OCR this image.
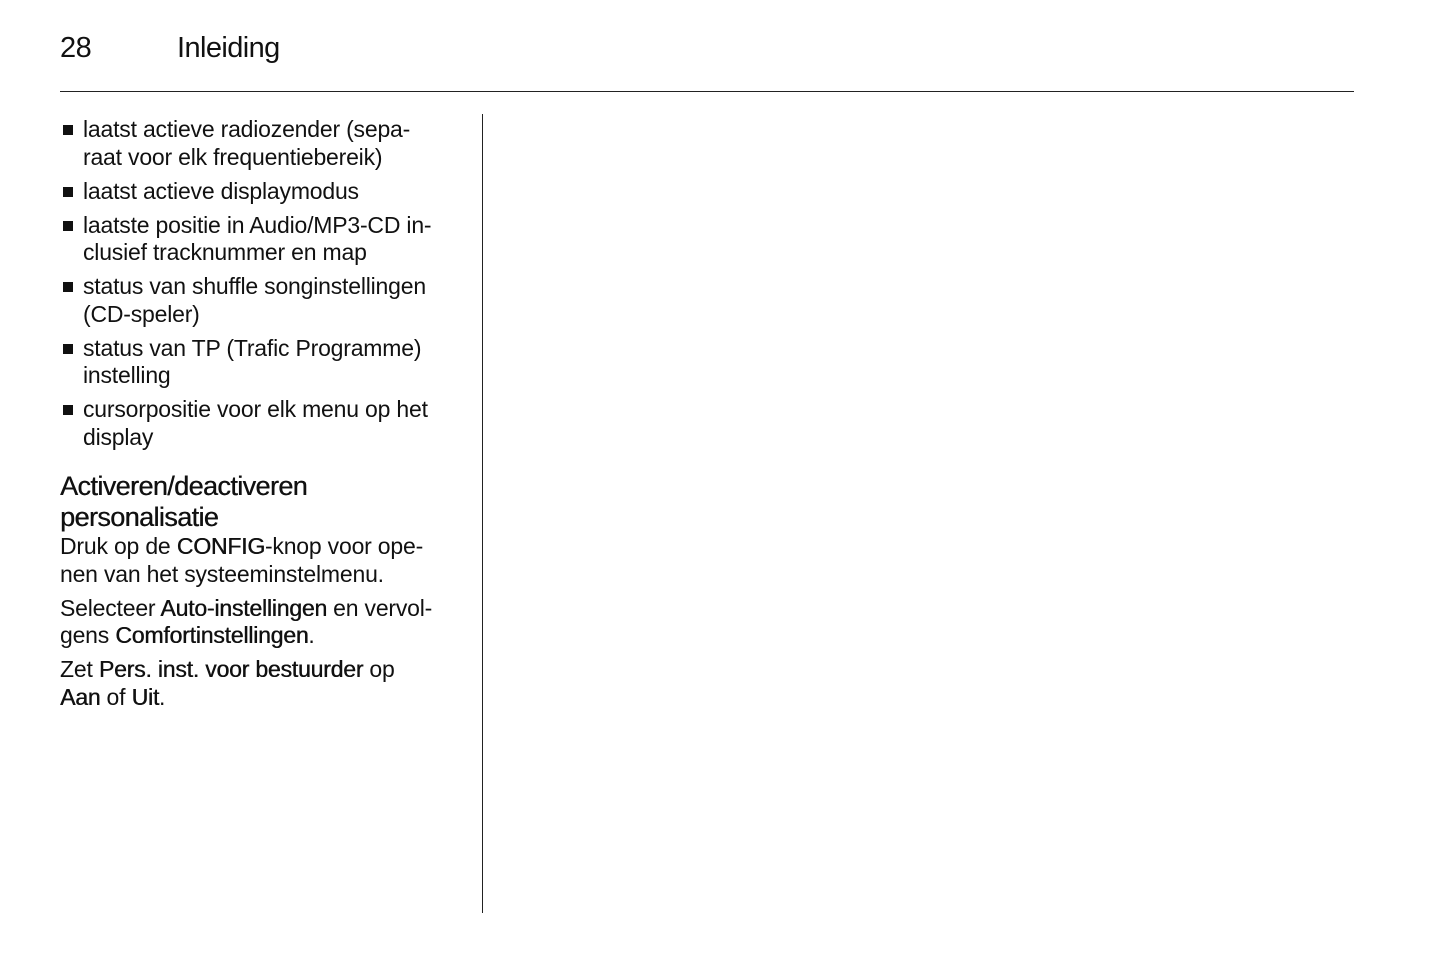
28	Inleiding
laatst actieve radiozender (sepa-
raat voor elk frequentiebereik)
laatst actieve displaymodus
laatste positie in Audio/MP3-CD in-
clusief tracknummer en map
status van shuffle songinstellingen
(CD-speler)
status van TP (Trafic Programme)
instelling
cursorpositie voor elk menu op het
display
Activeren/deactiveren
personalisatie

Druk op de CONFIG-knop voor ope-
nen van het systeeminstelmenu.

Selecteer Auto-instellingen en vervol-
gens Comfortinstellingen.

Zet Pers. inst. voor bestuurder op
Aan of Uit.
